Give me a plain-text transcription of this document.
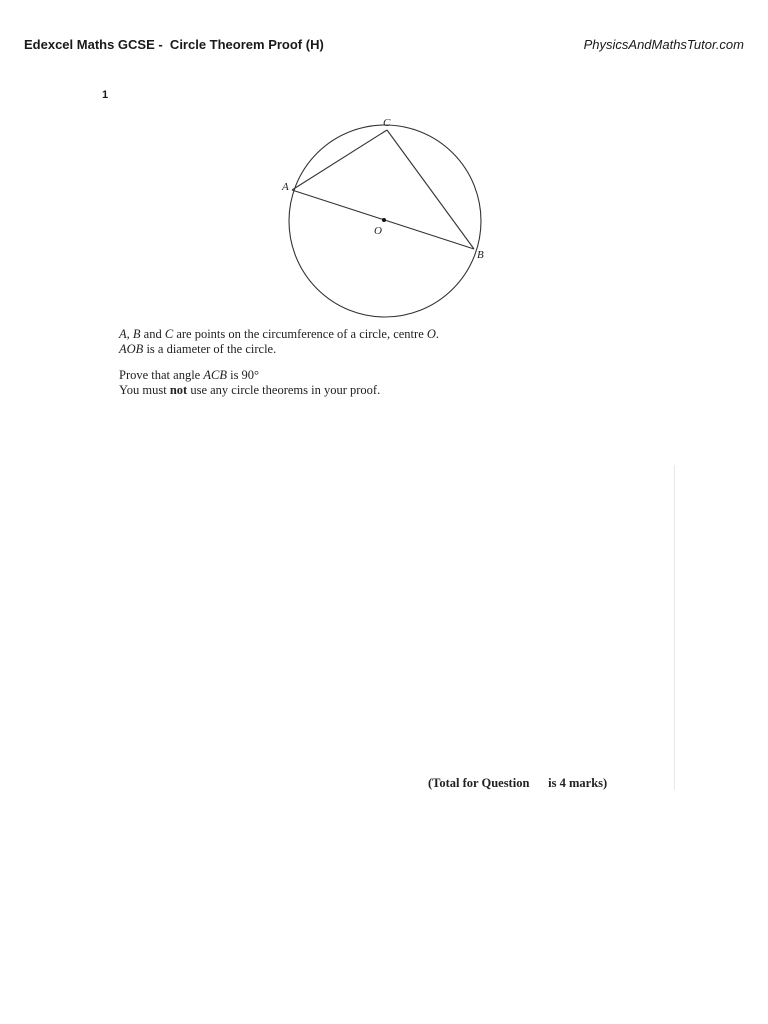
Edexcel Maths GCSE -  Circle Theorem Proof (H)	PhysicsAndMathsTutor.com
1
C
A
O
B
A, B and C are points on the circumference of a circle, centre O.
AOB is a diameter of the circle.
Prove that angle ACB is 90°
You must not use any circle theorems in your proof.
(Total for Question      is 4 marks)
